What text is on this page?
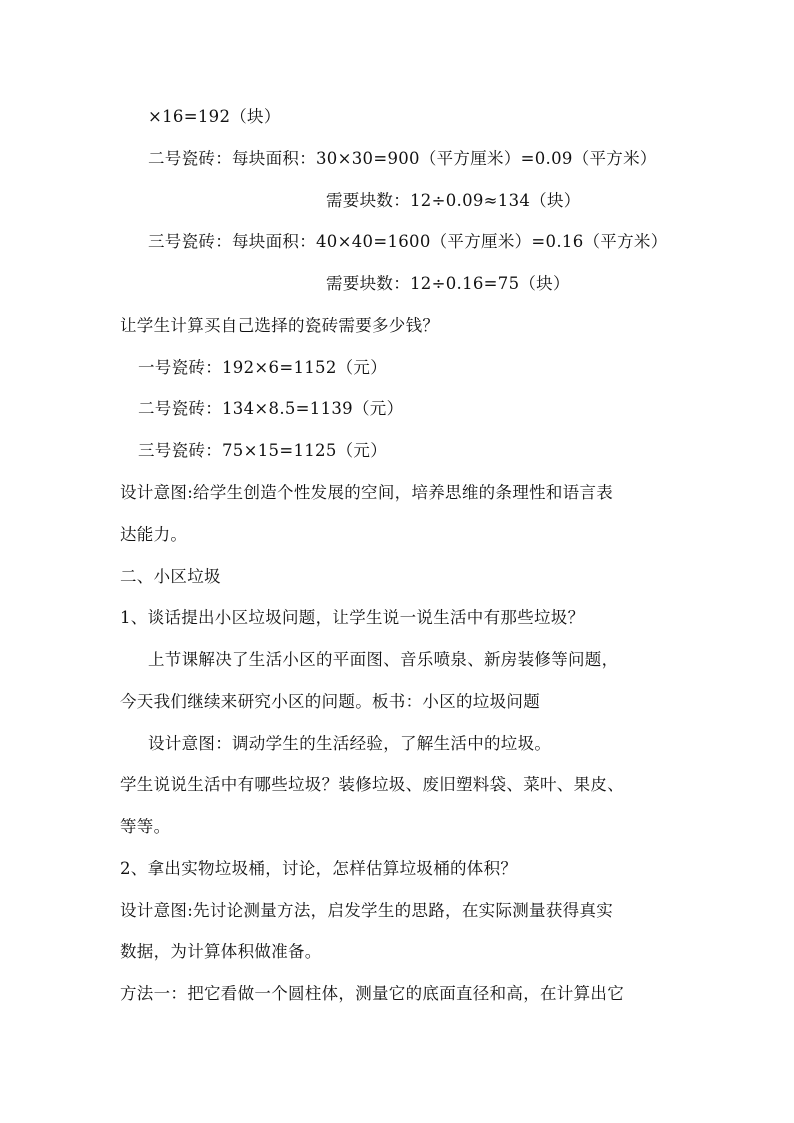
×16=192（块）
二号瓷砖：每块面积：30×30=900（平方厘米）=0.09（平方米）
需要块数：12÷0.09≈134（块）
三号瓷砖：每块面积：40×40=1600（平方厘米）=0.16（平方米）
需要块数：12÷0.16=75（块）
让学生计算买自己选择的瓷砖需要多少钱？
一号瓷砖：192×6=1152（元）
二号瓷砖：134×8.5=1139（元）
三号瓷砖：75×15=1125（元）
设计意图:给学生创造个性发展的空间，培养思维的条理性和语言表
达能力。
二、小区垃圾
1、谈话提出小区垃圾问题，让学生说一说生活中有那些垃圾？
上节课解决了生活小区的平面图、音乐喷泉、新房装修等问题，
今天我们继续来研究小区的问题。板书：小区的垃圾问题
设计意图：调动学生的生活经验，了解生活中的垃圾。
学生说说生活中有哪些垃圾？装修垃圾、废旧塑料袋、菜叶、果皮、
等等。
2、拿出实物垃圾桶，讨论，怎样估算垃圾桶的体积？
设计意图:先讨论测量方法，启发学生的思路，在实际测量获得真实
数据，为计算体积做准备。
方法一：把它看做一个圆柱体，测量它的底面直径和高，在计算出它
